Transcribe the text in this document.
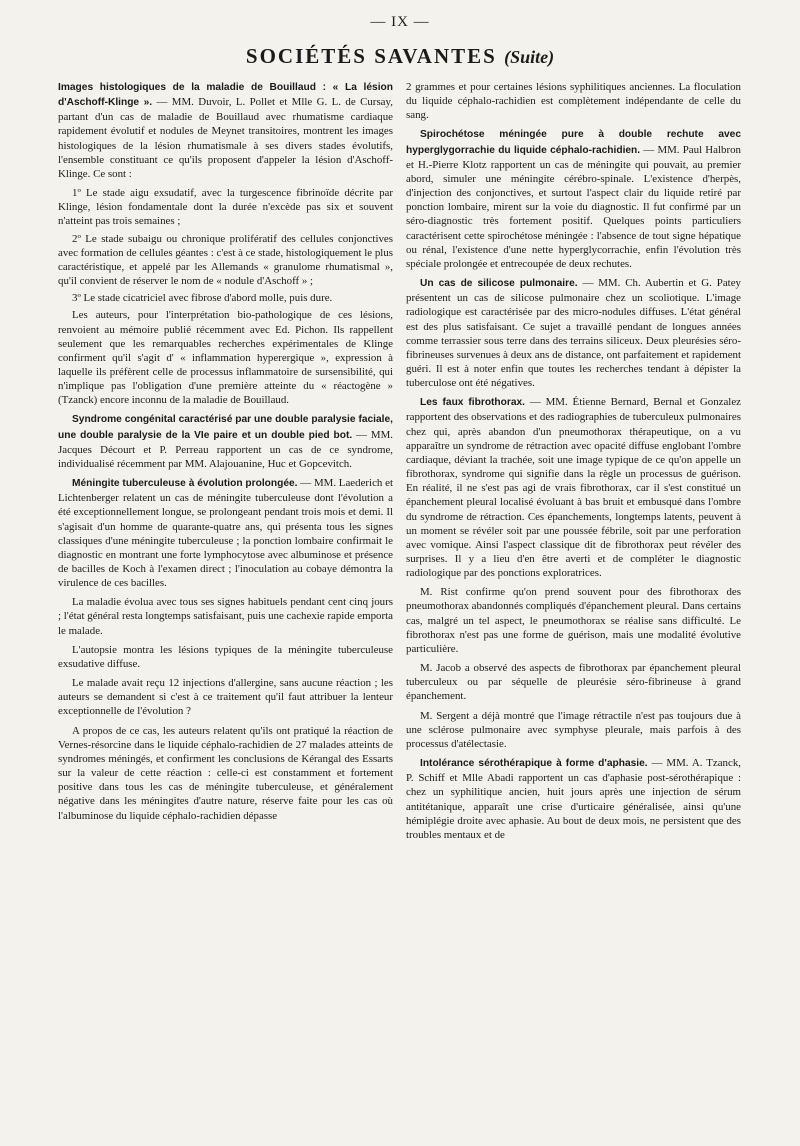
— IX —
SOCIÉTÉS SAVANTES (Suite)

Images histologiques de la maladie de Bouillaud : « La lésion d'Aschoff-Klinge ». — MM. Duvoir, L. Pollet et Mlle G. L. de Cursay, partant d'un cas de maladie de Bouillaud avec rhumatisme cardiaque rapidement évolutif et nodules de Meynet transitoires, montrent les images histologiques de la lésion rhumatismale à ses divers stades évolutifs, l'ensemble constituant ce qu'ils proposent d'appeler la lésion d'Aschoff-Klinge. Ce sont :

1º Le stade aigu exsudatif, avec la turgescence fibrinoïde décrite par Klinge, lésion fondamentale dont la durée n'excède pas six et souvent n'atteint pas trois semaines ;

2º Le stade subaigu ou chronique prolifératif des cellules conjonctives avec formation de cellules géantes : c'est à ce stade, histologiquement le plus caractéristique, et appelé par les Allemands « granulome rhumatismal », qu'il convient de réserver le nom de « nodule d'Aschoff » ;

3º Le stade cicatriciel avec fibrose d'abord molle, puis dure.

Les auteurs, pour l'interprétation bio-pathologique de ces lésions, renvoient au mémoire publié récemment avec Ed. Pichon. Ils rappellent seulement que les remarquables recherches expérimentales de Klinge confirment qu'il s'agit d' « inflammation hyperergique », expression à laquelle ils préfèrent celle de processus inflammatoire de sursensibilité, qui n'implique pas l'obligation d'une première atteinte du « réactogène » (Tzanck) encore inconnu de la maladie de Bouillaud.

Syndrome congénital caractérisé par une double paralysie faciale, une double paralysie de la VIe paire et un double pied bot. — MM. Jacques Décourt et P. Perreau rapportent un cas de ce syndrome, individualisé récemment par MM. Alajouanine, Huc et Gopcevitch.

Méningite tuberculeuse à évolution prolongée. — MM. Laederich et Lichtenberger relatent un cas de méningite tuberculeuse dont l'évolution a été exceptionnellement longue, se prolongeant pendant trois mois et demi. Il s'agisait d'un homme de quarante-quatre ans, qui présenta tous les signes classiques d'une méningite tuberculeuse ; la ponction lombaire confirmait le diagnostic en montrant une forte lymphocytose avec albuminose et présence de bacilles de Koch à l'examen direct ; l'inoculation au cobaye démontra la virulence de ces bacilles.

La maladie évolua avec tous ses signes habituels pendant cent cinq jours ; l'état général resta longtemps satisfaisant, puis une cachexie rapide emporta le malade.

L'autopsie montra les lésions typiques de la méningite tuberculeuse exsudative diffuse.

Le malade avait reçu 12 injections d'allergine, sans aucune réaction ; les auteurs se demandent si c'est à ce traitement qu'il faut attribuer la lenteur exceptionnelle de l'évolution ?

A propos de ce cas, les auteurs relatent qu'ils ont pratiqué la réaction de Vernes-résorcine dans le liquide céphalo-rachidien de 27 malades atteints de syndromes méningés, et confirment les conclusions de Kérangal des Essarts sur la valeur de cette réaction : celle-ci est constamment et fortement positive dans tous les cas de méningite tuberculeuse, et généralement négative dans les méningites d'autre nature, réserve faite pour les cas où l'albuminose du liquide céphalo-rachidien dépasse

2 grammes et pour certaines lésions syphilitiques anciennes. La floculation du liquide céphalo-rachidien est complètement indépendante de celle du sang.

Spirochétose méningée pure à double rechute avec hyperglygorrachie du liquide céphalo-rachidien. — MM. Paul Halbron et H.-Pierre Klotz rapportent un cas de méningite qui pouvait, au premier abord, simuler une méningite cérébro-spinale. L'existence d'herpès, d'injection des conjonctives, et surtout l'aspect clair du liquide retiré par ponction lombaire, mirent sur la voie du diagnostic. Il fut confirmé par un séro-diagnostic très fortement positif. Quelques points particuliers caractérisent cette spirochétose méningée : l'absence de tout signe hépatique ou rénal, l'existence d'une nette hyperglycorrachie, enfin l'évolution très spéciale prolongée et entrecoupée de deux rechutes.

Un cas de silicose pulmonaire. — MM. Ch. Aubertin et G. Patey présentent un cas de silicose pulmonaire chez un scoliotique. L'image radiologique est caractérisée par des micro-nodules diffuses. L'état général est des plus satisfaisant. Ce sujet a travaillé pendant de longues années comme terrassier sous terre dans des terrains siliceux. Deux pleurésies séro-fibrineuses survenues à deux ans de distance, ont parfaitement et rapidement guéri. Il est à noter enfin que toutes les recherches tendant à dépister la tuberculose ont été négatives.

Les faux fibrothorax. — MM. Étienne Bernard, Bernal et Gonzalez rapportent des observations et des radiographies de tuberculeux pulmonaires chez qui, après abandon d'un pneumothorax thérapeutique, on a vu apparaître un syndrome de rétraction avec opacité diffuse englobant l'ombre cardiaque, déviant la trachée, soit une image typique de ce qu'on appelle un fibrothorax, syndrome qui signifie dans la règle un processus de guérison. En réalité, il ne s'est pas agi de vrais fibrothorax, car il s'est constitué un épanchement pleural localisé évoluant à bas bruit et embusqué dans l'ombre du syndrome de rétraction. Ces épanchements, longtemps latents, peuvent à un moment se révéler soit par une poussée fébrile, soit par une perforation avec vomique. Ainsi l'aspect classique dit de fibrothorax peut révéler des surprises. Il y a lieu d'en être averti et de compléter le diagnostic radiologique par des ponctions exploratrices.

M. Rist confirme qu'on prend souvent pour des fibrothorax des pneumothorax abandonnés compliqués d'épanchement pleural. Dans certains cas, malgré un tel aspect, le pneumothorax se réalise sans difficulté. Le fibrothorax n'est pas une forme de guérison, mais une modalité évolutive particulière.

M. Jacob a observé des aspects de fibrothorax par épanchement pleural tuberculeux ou par séquelle de pleurésie séro-fibrineuse à grand épanchement.

M. Sergent a déjà montré que l'image rétractile n'est pas toujours due à une sclérose pulmonaire avec symphyse pleurale, mais parfois à des processus d'atélectasie.

Intolérance sérothérapique à forme d'aphasie. — MM. A. Tzanck, P. Schiff et Mlle Abadi rapportent un cas d'aphasie post-sérothérapique : chez un syphilitique ancien, huit jours après une injection de sérum antitétanique, apparaît une crise d'urticaire généralisée, ainsi qu'une hémiplégie droite avec aphasie. Au bout de deux mois, ne persistent que des troubles mentaux et de
